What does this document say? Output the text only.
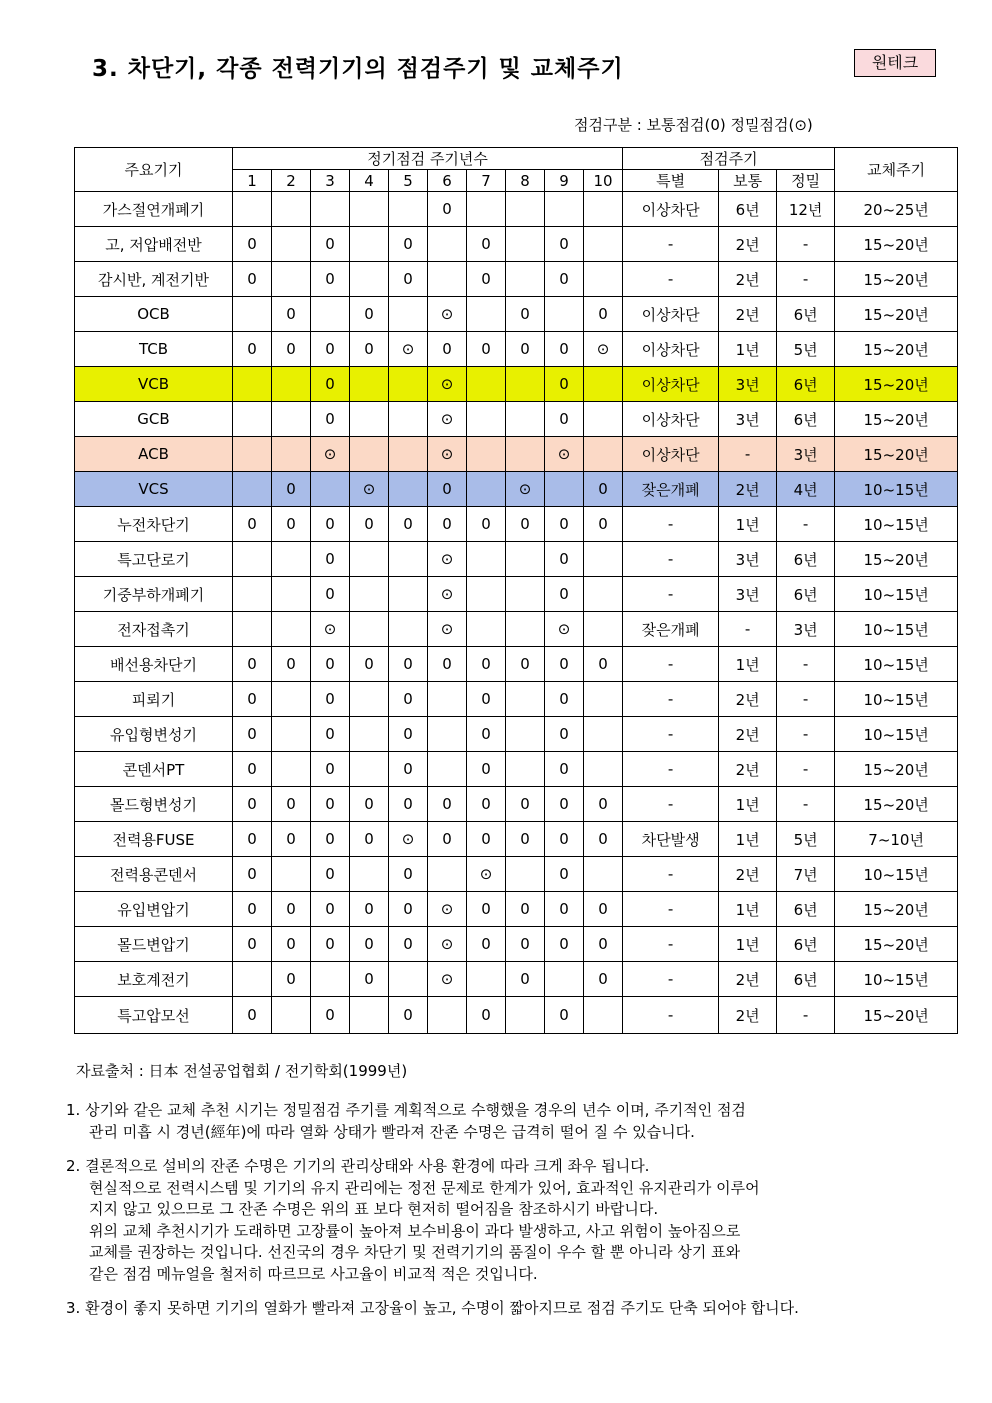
3. 차단기, 각종 전력기기의 점검주기 및 교체주기	원테크
점검구분 : 보통점검(0) 정밀점검(⊙)
주요기기	정기점검 주기년수										점검주기			교체주기
	1	2	3	4	5	6	7	8	9	10	특별	보통	정밀	
가스절연개폐기						0					이상차단	6년	12년	20~25년
고, 저압배전반	0		0		0		0		0		-	2년	-	15~20년
감시반, 계전기반	0		0		0		0		0		-	2년	-	15~20년
OCB		0		0		⊙		0		0	이상차단	2년	6년	15~20년
TCB	0	0	0	0	⊙	0	0	0	0	⊙	이상차단	1년	5년	15~20년
VCB			0			⊙			0		이상차단	3년	6년	15~20년
GCB			0			⊙			0		이상차단	3년	6년	15~20년
ACB			⊙			⊙			⊙		이상차단	-	3년	15~20년
VCS		0		⊙		0		⊙		0	잦은개폐	2년	4년	10~15년
누전차단기	0	0	0	0	0	0	0	0	0	0	-	1년	-	10~15년
특고단로기			0			⊙			0		-	3년	6년	15~20년
기중부하개폐기			0			⊙			0		-	3년	6년	10~15년
전자접촉기			⊙			⊙			⊙		잦은개폐	-	3년	10~15년
배선용차단기	0	0	0	0	0	0	0	0	0	0	-	1년	-	10~15년
피뢰기	0		0		0		0		0		-	2년	-	10~15년
유입형변성기	0		0		0		0		0		-	2년	-	10~15년
콘덴서PT	0		0		0		0		0		-	2년	-	15~20년
몰드형변성기	0	0	0	0	0	0	0	0	0	0	-	1년	-	15~20년
전력용FUSE	0	0	0	0	⊙	0	0	0	0	0	차단발생	1년	5년	7~10년
전력용콘덴서	0		0		0		⊙		0		-	2년	7년	10~15년
유입변압기	0	0	0	0	0	⊙	0	0	0	0	-	1년	6년	15~20년
몰드변압기	0	0	0	0	0	⊙	0	0	0	0	-	1년	6년	15~20년
보호계전기		0		0		⊙		0		0	-	2년	6년	10~15년
특고압모선	0		0		0		0		0		-	2년	-	15~20년
자료출처 : 日本 전설공업협회 / 전기학회(1999년)

1. 상기와 같은 교체 추천 시기는 정밀점검 주기를 계획적으로 수행했을 경우의 년수 이며, 주기적인 점검

관리 미흡 시 경년(經年)에 따라 열화 상태가 빨라져 잔존 수명은 급격히 떨어 질 수 있습니다.

2. 결론적으로 설비의 잔존 수명은 기기의 관리상태와 사용 환경에 따라 크게 좌우 됩니다.

현실적으로 전력시스템 및 기기의 유지 관리에는 정전 문제로 한계가 있어, 효과적인 유지관리가 이루어

지지 않고 있으므로 그 잔존 수명은 위의 표 보다 현저히 떨어짐을 참조하시기 바랍니다.

위의 교체 추천시기가 도래하면 고장률이 높아져 보수비용이 과다 발생하고, 사고 위험이 높아짐으로

교체를 권장하는 것입니다. 선진국의 경우 차단기 및 전력기기의 품질이 우수 할 뿐 아니라 상기 표와

같은 점검 메뉴얼을 철저히 따르므로 사고율이 비교적 적은 것입니다.

3. 환경이 좋지 못하면 기기의 열화가 빨라져 고장율이 높고, 수명이 짧아지므로 점검 주기도 단축 되어야 합니다.
